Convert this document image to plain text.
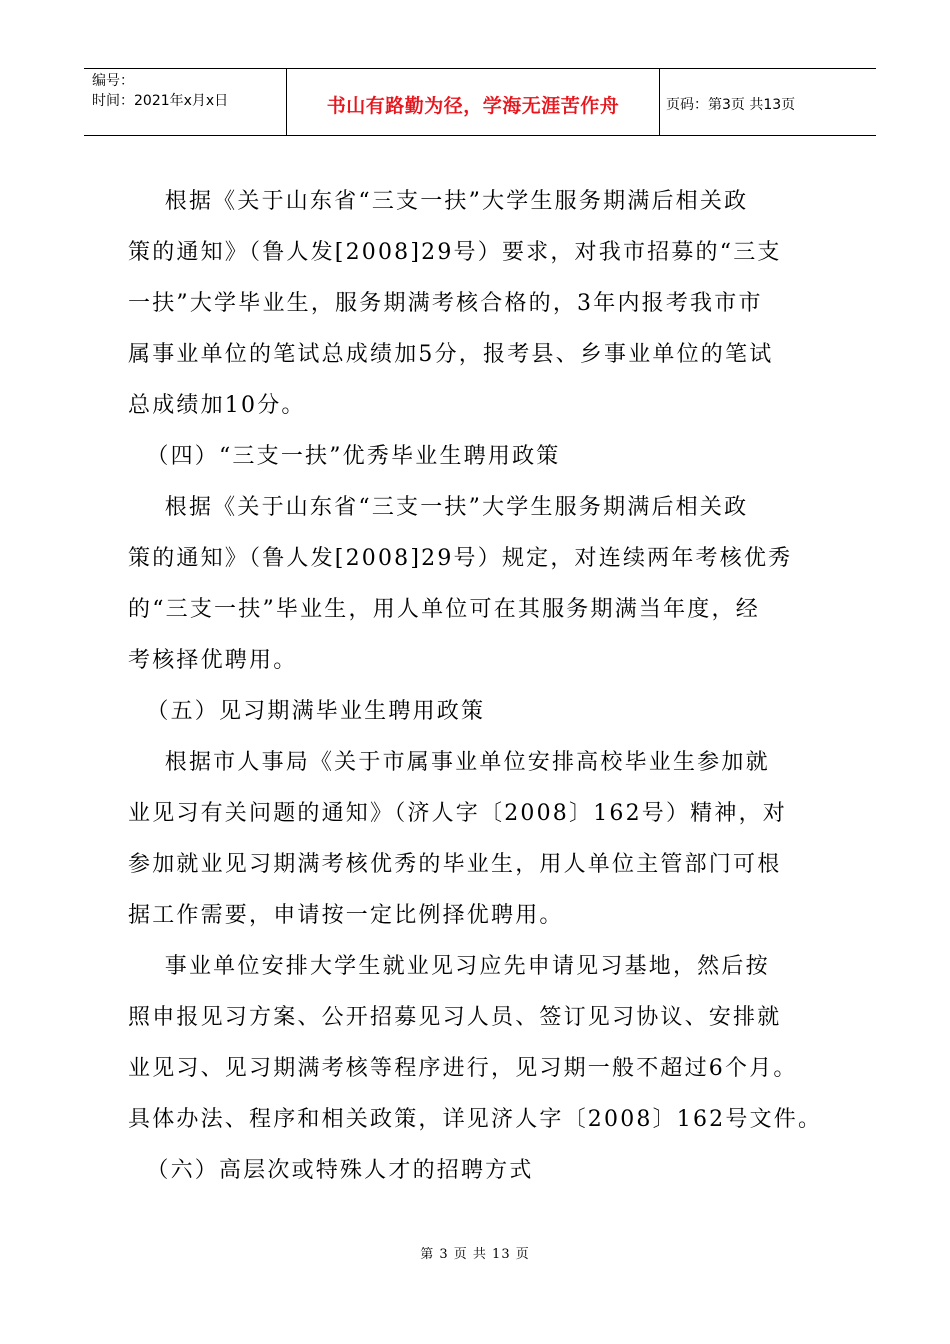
编号：
时间：2021年x月x日	书山有路勤为径，学海无涯苦作舟	页码：第3页 共13页

根据《关于山东省“三支一扶”大学生服务期满后相关政

策的通知》（鲁人发[2008]29号）要求，对我市招募的“三支

一扶”大学毕业生，服务期满考核合格的，3年内报考我市市

属事业单位的笔试总成绩加5分，报考县、乡事业单位的笔试

总成绩加10分。

（四）“三支一扶”优秀毕业生聘用政策

根据《关于山东省“三支一扶”大学生服务期满后相关政

策的通知》（鲁人发[2008]29号）规定，对连续两年考核优秀

的“三支一扶”毕业生，用人单位可在其服务期满当年度，经

考核择优聘用。

（五）见习期满毕业生聘用政策

根据市人事局《关于市属事业单位安排高校毕业生参加就

业见习有关问题的通知》（济人字〔2008〕162号）精神，对

参加就业见习期满考核优秀的毕业生，用人单位主管部门可根

据工作需要，申请按一定比例择优聘用。

事业单位安排大学生就业见习应先申请见习基地，然后按

照申报见习方案、公开招募见习人员、签订见习协议、安排就

业见习、见习期满考核等程序进行，见习期一般不超过6个月。

具体办法、程序和相关政策，详见济人字〔2008〕162号文件。

（六）高层次或特殊人才的招聘方式

第 3 页 共 13 页
